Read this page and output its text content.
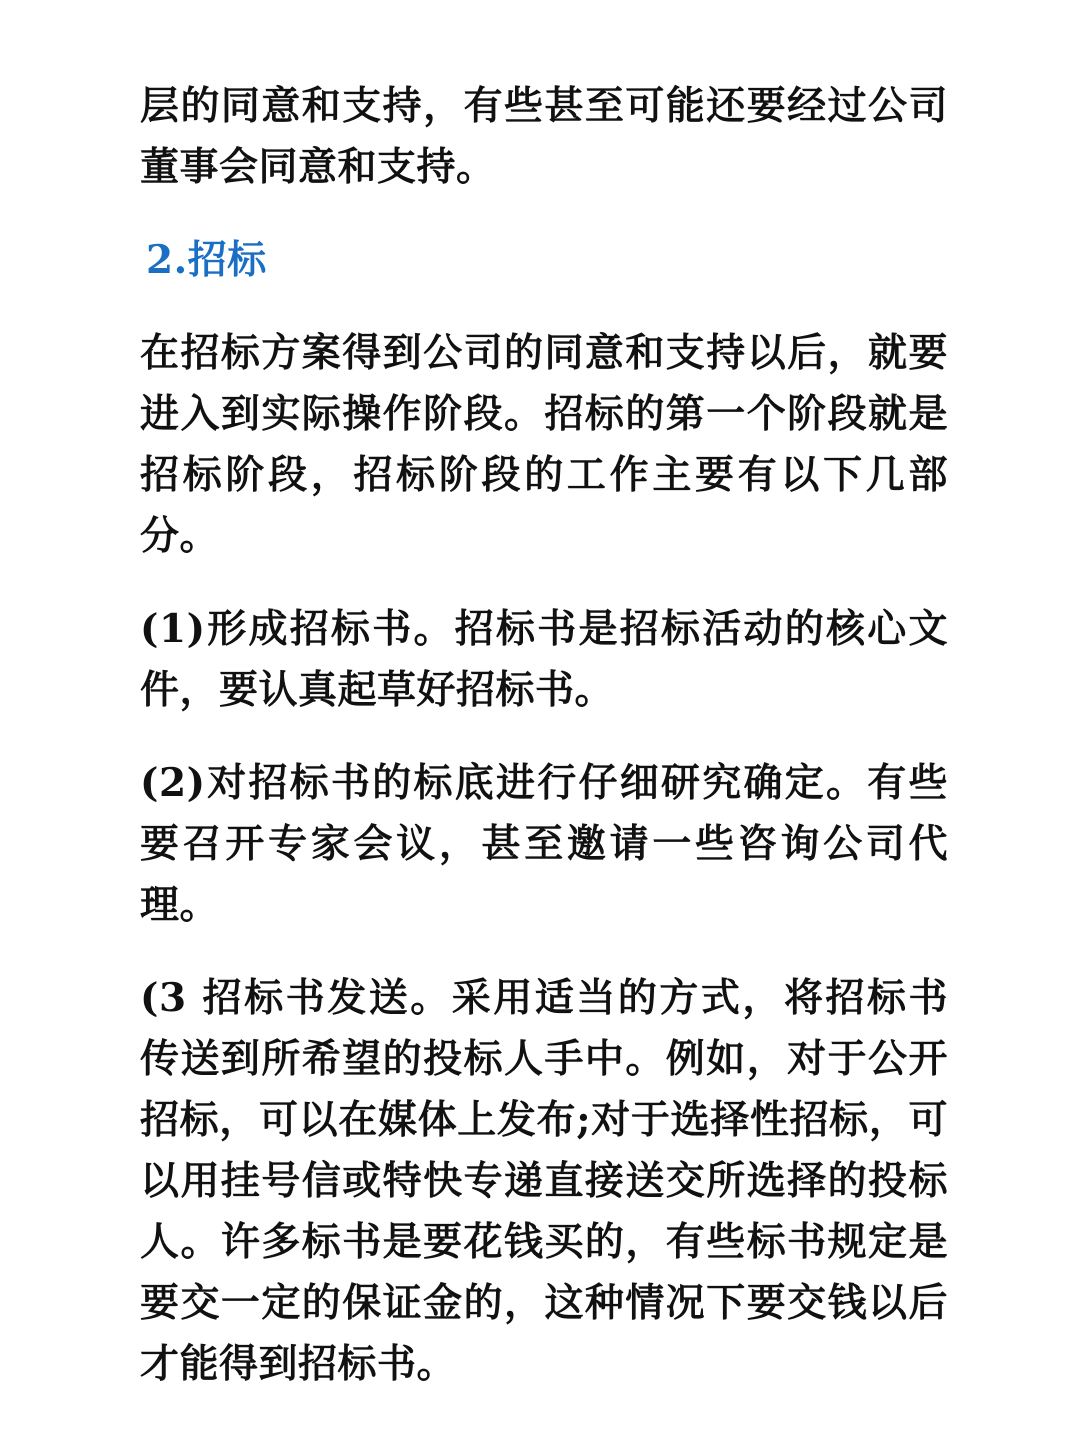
层的同意和支持，有些甚至可能还要经过公司董事会同意和支持。

2.招标

在招标方案得到公司的同意和支持以后，就要进入到实际操作阶段。招标的第一个阶段就是招标阶段，招标阶段的工作主要有以下几部分。

(1)形成招标书。招标书是招标活动的核心文件，要认真起草好招标书。

(2)对招标书的标底进行仔细研究确定。有些要召开专家会议，甚至邀请一些咨询公司代理。

(3 招标书发送。采用适当的方式，将招标书传送到所希望的投标人手中。例如，对于公开招标，可以在媒体上发布;对于选择性招标，可以用挂号信或特快专递直接送交所选择的投标人。许多标书是要花钱买的，有些标书规定是要交一定的保证金的，这种情况下要交钱以后才能得到招标书。
